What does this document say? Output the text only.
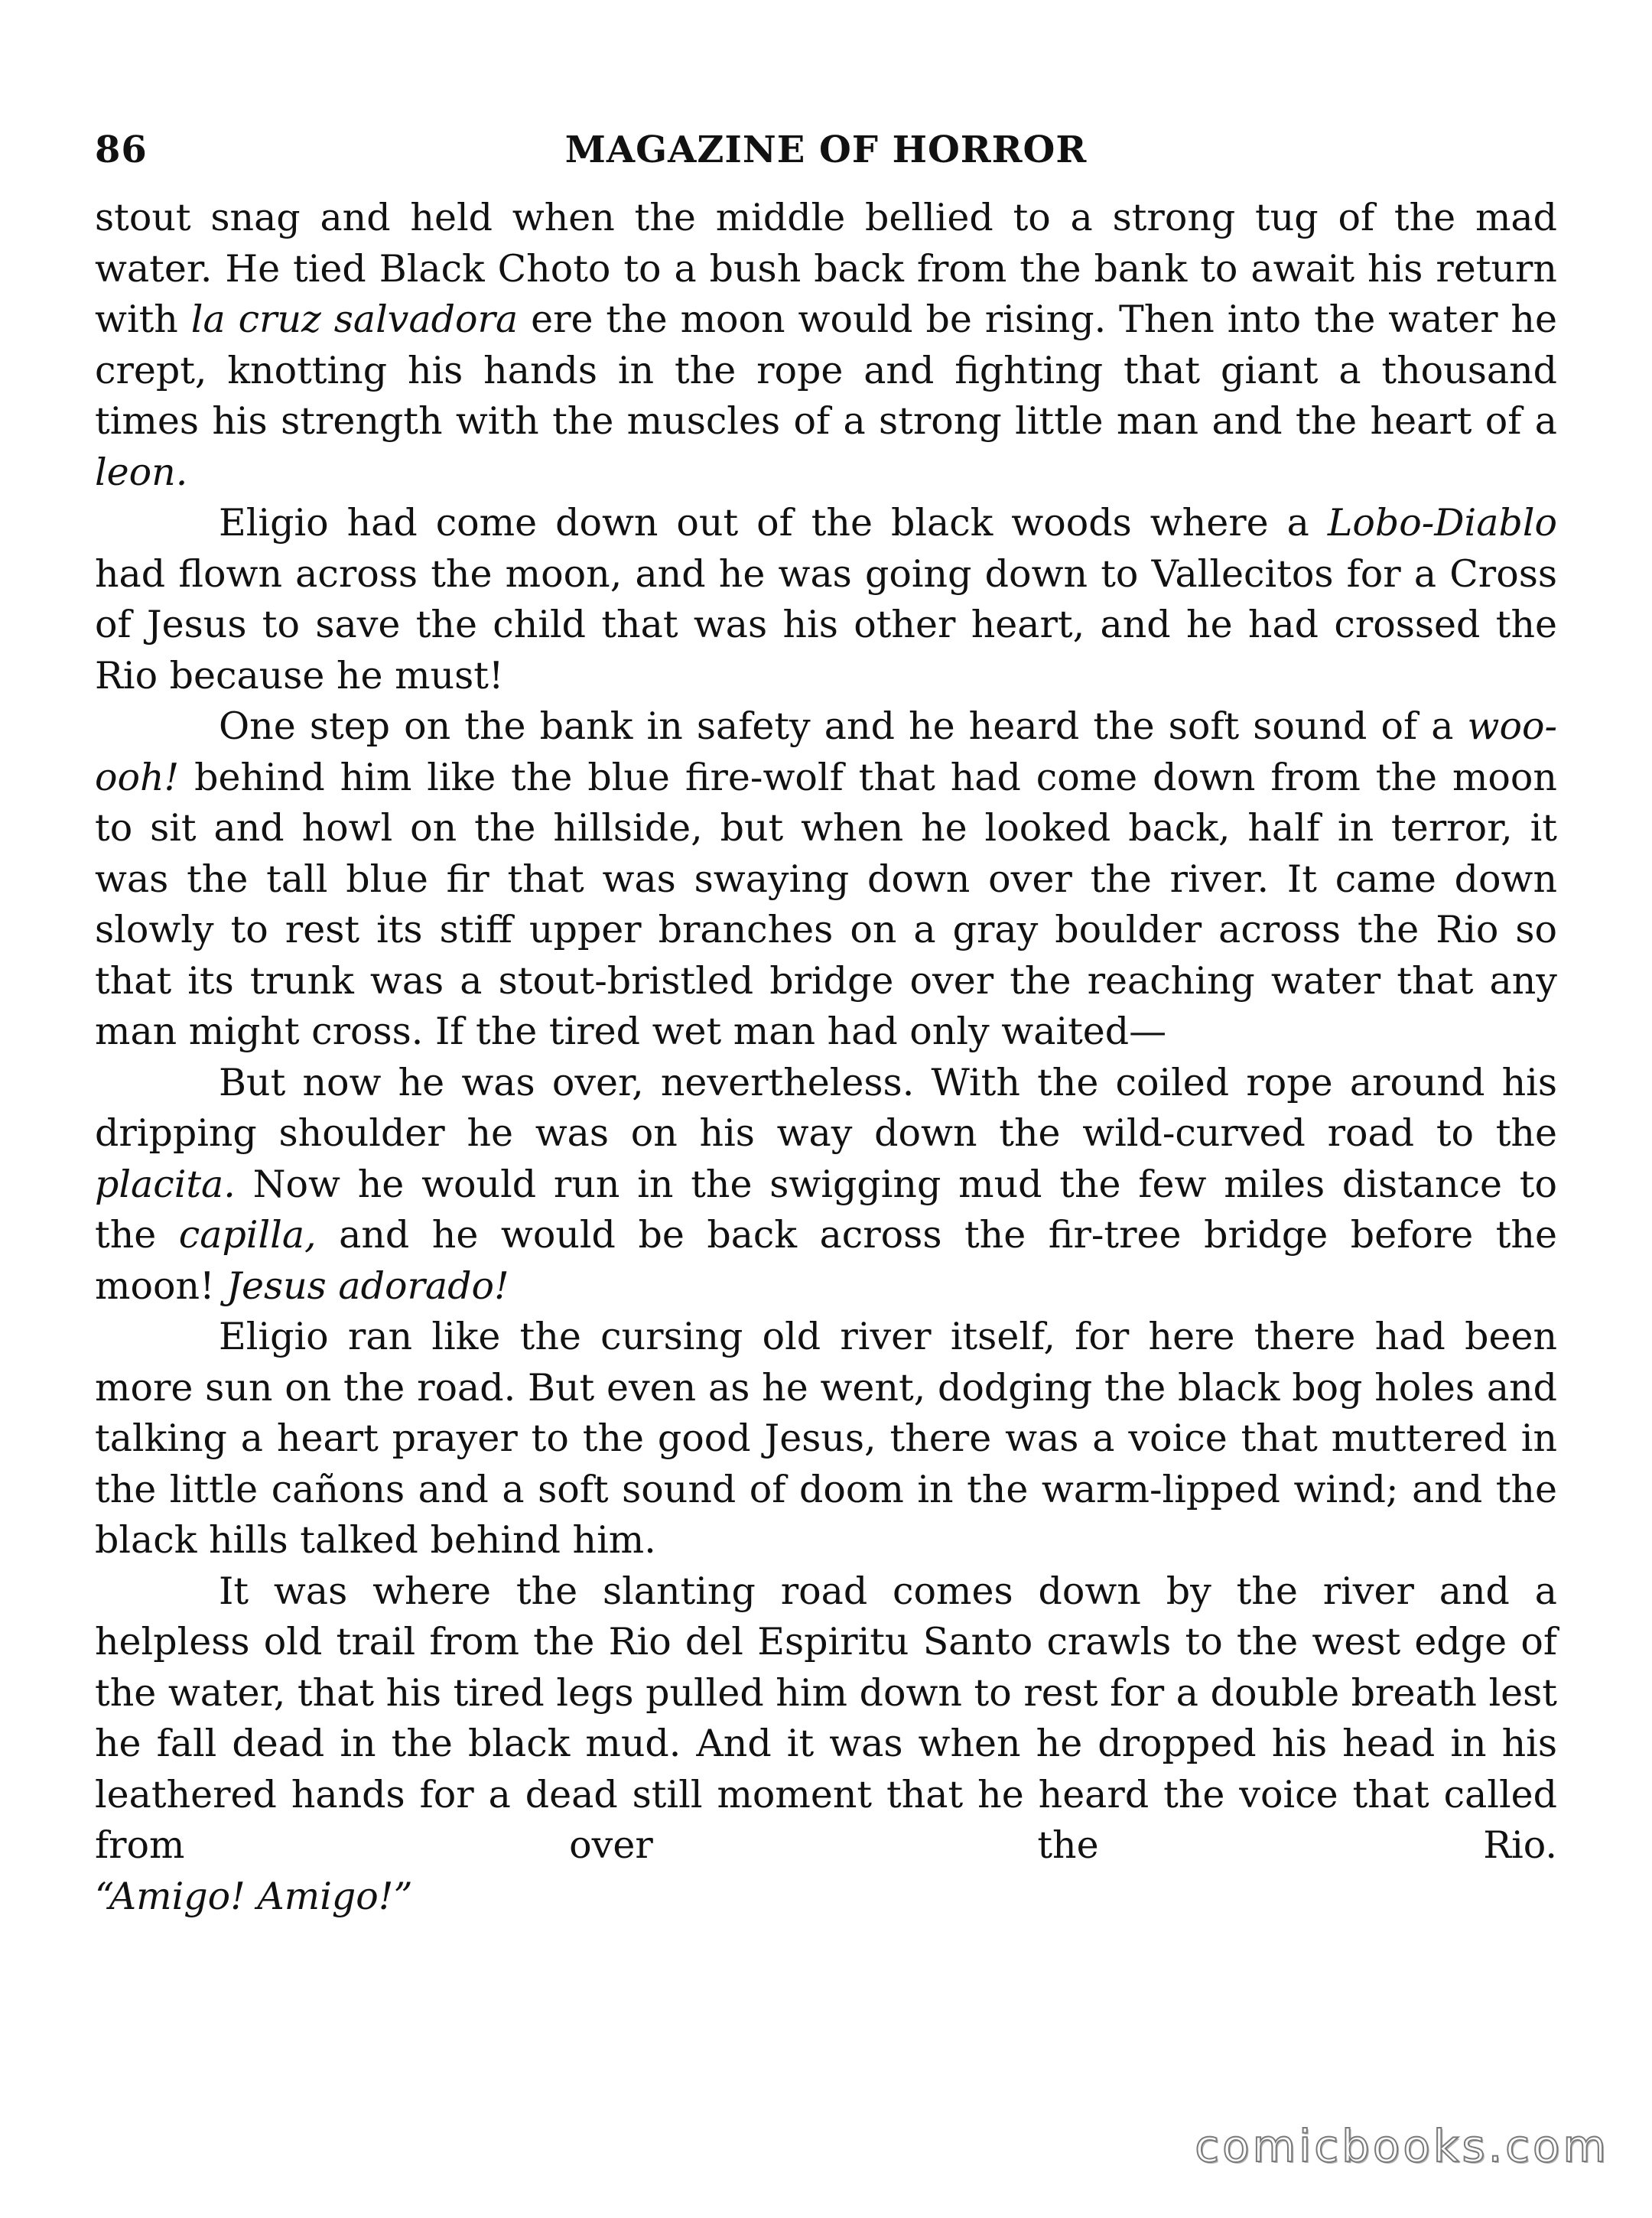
86	MAGAZINE OF HORROR

stout snag and held when the middle bellied to a strong tug of the mad water. He tied Black Choto to a bush back from the bank to await his return with la cruz salvadora ere the moon would be rising. Then into the water he crept, knotting his hands in the rope and fighting that giant a thousand times his strength with the muscles of a strong little man and the heart of a leon.

Eligio had come down out of the black woods where a Lobo-Diablo had flown across the moon, and he was going down to Vallecitos for a Cross of Jesus to save the child that was his other heart, and he had crossed the Rio because he must!

One step on the bank in safety and he heard the soft sound of a woo-ooh! behind him like the blue fire-wolf that had come down from the moon to sit and howl on the hillside, but when he looked back, half in terror, it was the tall blue fir that was swaying down over the river. It came down slowly to rest its stiff upper branches on a gray boulder across the Rio so that its trunk was a stout-bristled bridge over the reaching water that any man might cross. If the tired wet man had only waited—

But now he was over, nevertheless. With the coiled rope around his dripping shoulder he was on his way down the wild-curved road to the placita. Now he would run in the swigging mud the few miles distance to the capilla, and he would be back across the fir-tree bridge before the moon! Jesus adorado!

Eligio ran like the cursing old river itself, for here there had been more sun on the road. But even as he went, dodging the black bog holes and talking a heart prayer to the good Jesus, there was a voice that muttered in the little cañons and a soft sound of doom in the warm-lipped wind; and the black hills talked behind him.

It was where the slanting road comes down by the river and a helpless old trail from the Rio del Espiritu Santo crawls to the west edge of the water, that his tired legs pulled him down to rest for a double breath lest he fall dead in the black mud. And it was when he dropped his head in his leathered hands for a dead still moment that he heard the voice that called from over the Rio.

“Amigo! Amigo!”

comicbooks.com
